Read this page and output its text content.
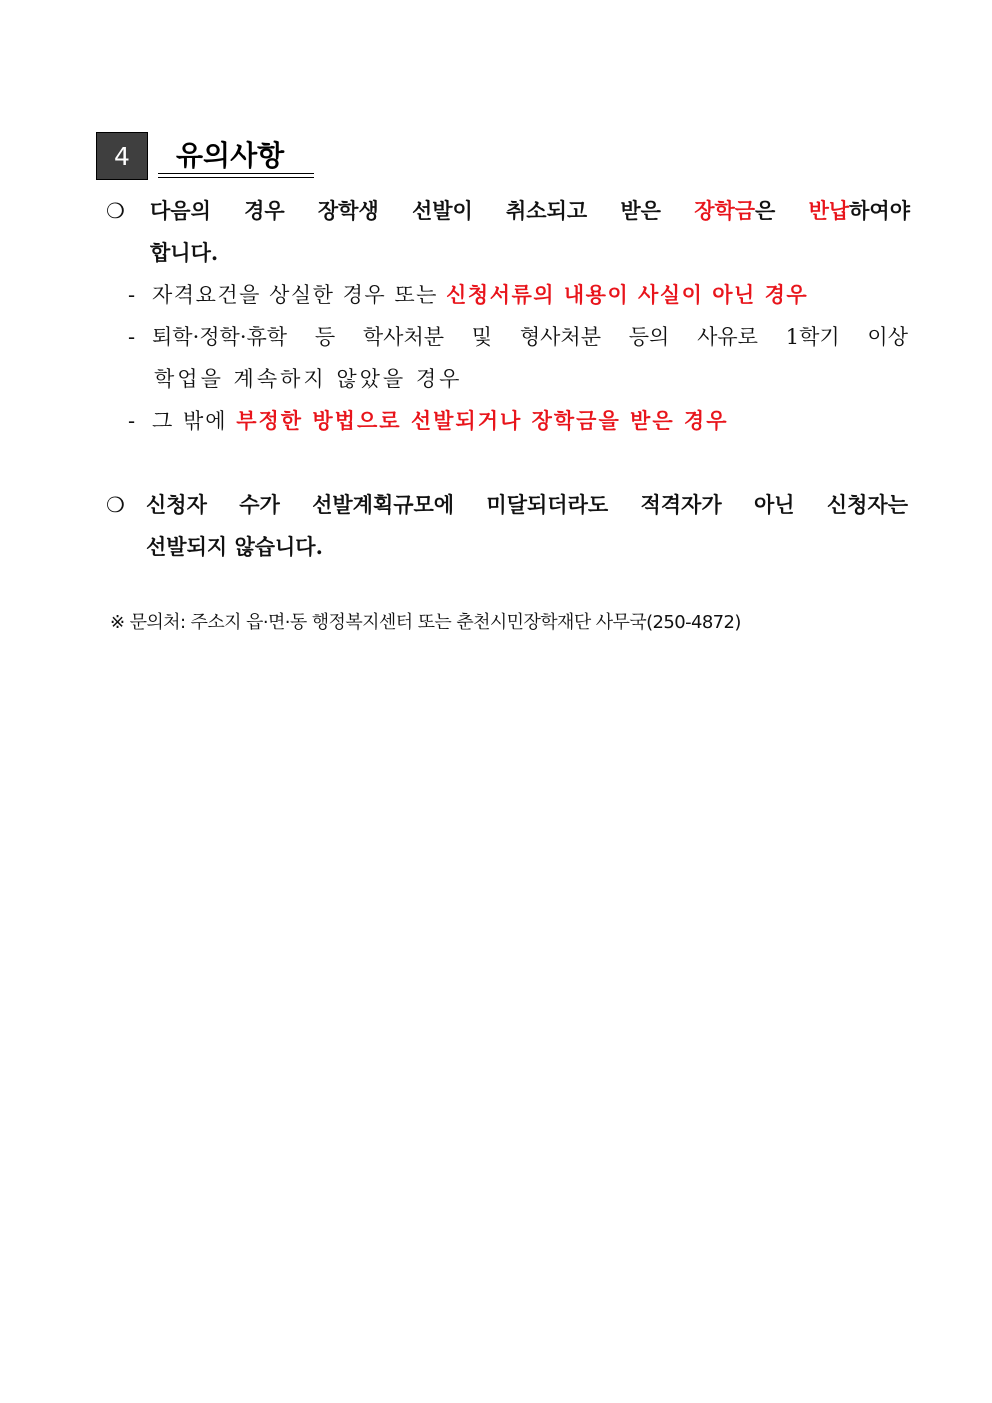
4 유의사항
❍ 다음의 경우 장학생 선발이 취소되고 받은 장학금은 반납하여야
합니다.
- 자격요건을 상실한 경우 또는 신청서류의 내용이 사실이 아닌 경우
- 퇴학·정학·휴학 등 학사처분 및 형사처분 등의 사유로 1학기 이상
학업을 계속하지 않았을 경우
- 그 밖에 부정한 방법으로 선발되거나 장학금을 받은 경우
❍ 신청자 수가 선발계획규모에 미달되더라도 적격자가 아닌 신청자는
선발되지 않습니다.
※ 문의처: 주소지 읍·면·동 행정복지센터 또는 춘천시민장학재단 사무국(250-4872)
